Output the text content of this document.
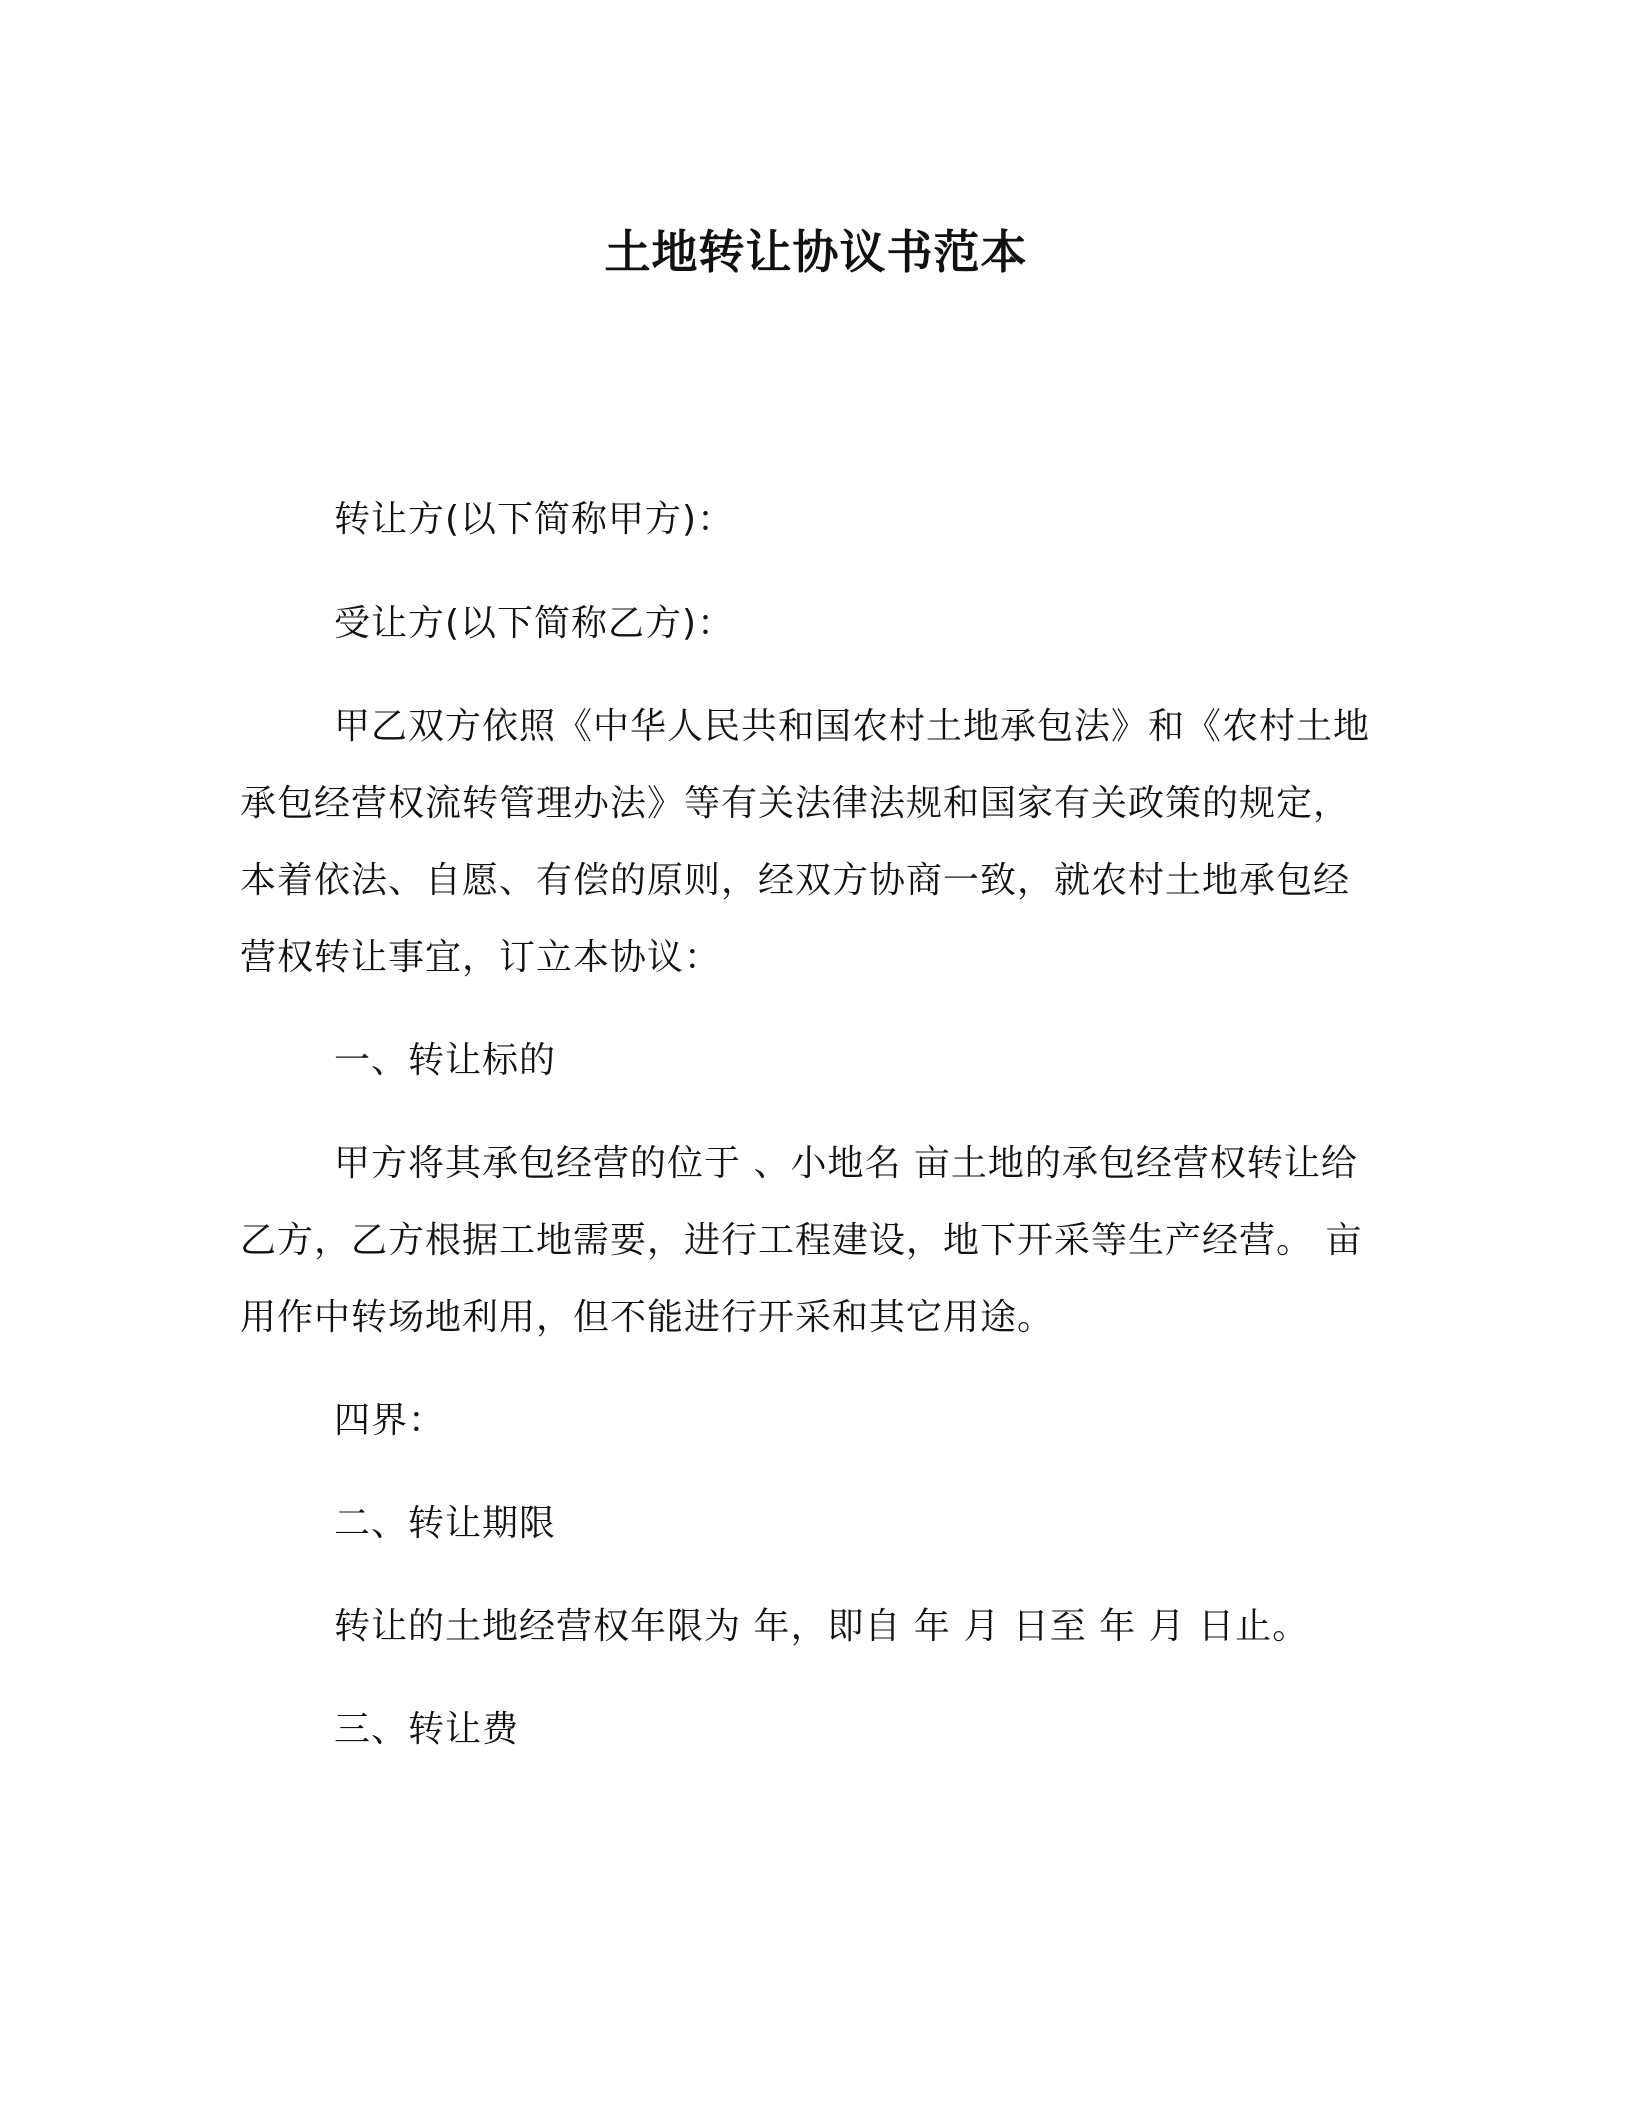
土地转让协议书范本
转让方(以下简称甲方)：
受让方(以下简称乙方)：
甲乙双方依照《中华人民共和国农村土地承包法》和《农村土地
承包经营权流转管理办法》等有关法律法规和国家有关政策的规定，
本着依法、自愿、有偿的原则，经双方协商一致，就农村土地承包经
营权转让事宜，订立本协议：
一、转让标的
甲方将其承包经营的位于 、小地名 亩土地的承包经营权转让给
乙方，乙方根据工地需要，进行工程建设，地下开采等生产经营。 亩
用作中转场地利用，但不能进行开采和其它用途。
四界：
二、转让期限
转让的土地经营权年限为 年，即自 年 月 日至 年 月 日止。
三、转让费
